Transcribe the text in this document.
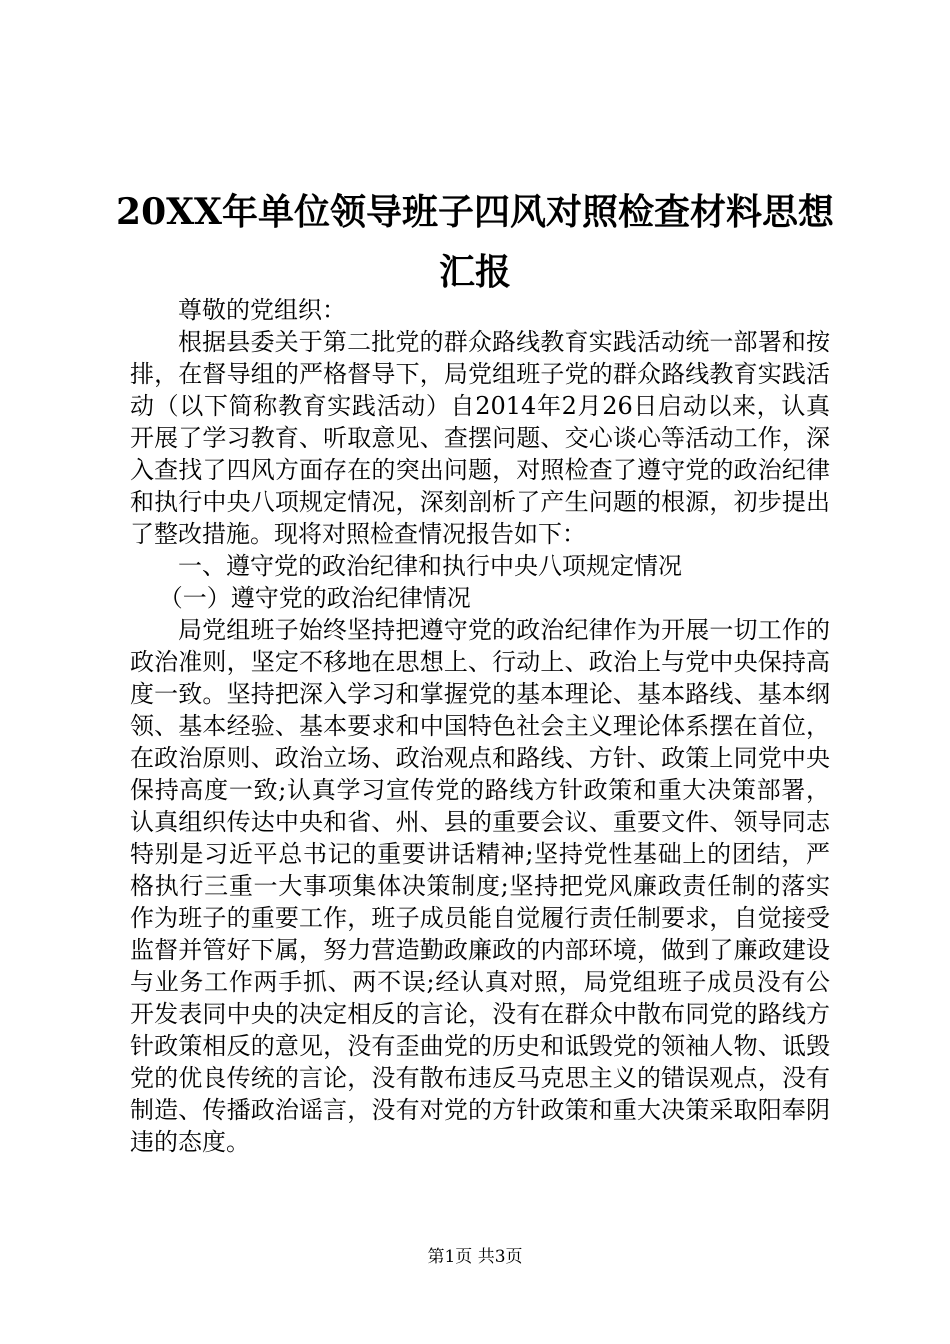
20XX年单位领导班子四风对照检查材料思想汇报

尊敬的党组织：

根据县委关于第二批党的群众路线教育实践活动统一部署和按排，在督导组的严格督导下，局党组班子党的群众路线教育实践活动（以下简称教育实践活动）自2014年2月26日启动以来，认真开展了学习教育、听取意见、查摆问题、交心谈心等活动工作，深入查找了四风方面存在的突出问题，对照检查了遵守党的政治纪律和执行中央八项规定情况，深刻剖析了产生问题的根源，初步提出了整改措施。现将对照检查情况报告如下：

一、遵守党的政治纪律和执行中央八项规定情况

（一）遵守党的政治纪律情况

局党组班子始终坚持把遵守党的政治纪律作为开展一切工作的政治准则，坚定不移地在思想上、行动上、政治上与党中央保持高度一致。坚持把深入学习和掌握党的基本理论、基本路线、基本纲领、基本经验、基本要求和中国特色社会主义理论体系摆在首位，在政治原则、政治立场、政治观点和路线、方针、政策上同党中央保持高度一致;认真学习宣传党的路线方针政策和重大决策部署，认真组织传达中央和省、州、县的重要会议、重要文件、领导同志特别是习近平总书记的重要讲话精神;坚持党性基础上的团结，严格执行三重一大事项集体决策制度;坚持把党风廉政责任制的落实作为班子的重要工作，班子成员能自觉履行责任制要求，自觉接受监督并管好下属，努力营造勤政廉政的内部环境，做到了廉政建设与业务工作两手抓、两不误;经认真对照，局党组班子成员没有公开发表同中央的决定相反的言论，没有在群众中散布同党的路线方针政策相反的意见，没有歪曲党的历史和诋毁党的领袖人物、诋毁党的优良传统的言论，没有散布违反马克思主义的错误观点，没有制造、传播政治谣言，没有对党的方针政策和重大决策采取阳奉阴违的态度。

第1页 共3页
